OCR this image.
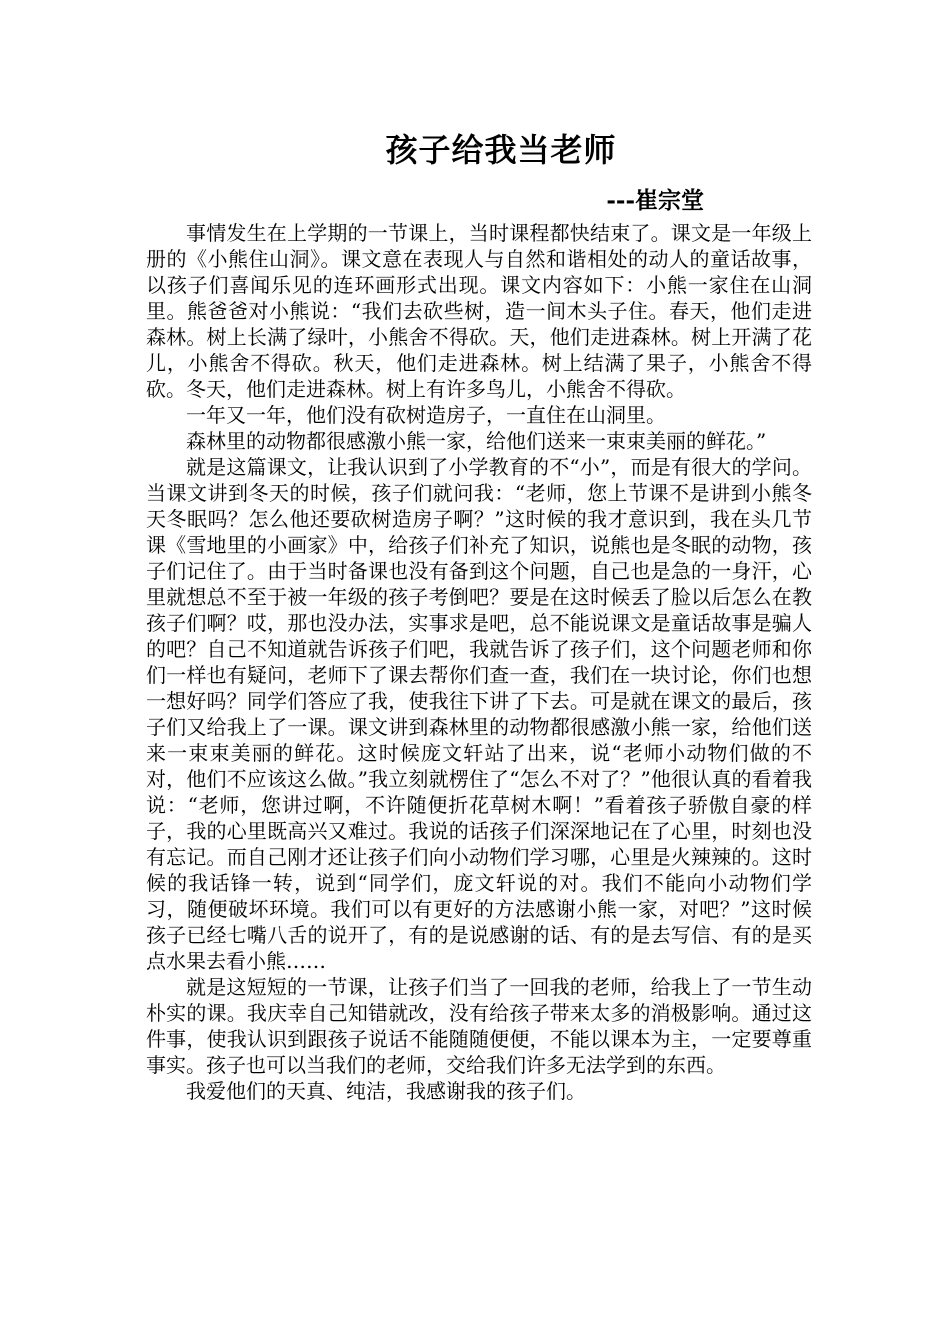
孩子给我当老师
---崔宗堂

事情发生在上学期的一节课上，当时课程都快结束了。课文是一年级上册的《小熊住山洞》。课文意在表现人与自然和谐相处的动人的童话故事，以孩子们喜闻乐见的连环画形式出现。课文内容如下：小熊一家住在山洞里。熊爸爸对小熊说：“我们去砍些树，造一间木头子住。春天，他们走进森林。树上长满了绿叶，小熊舍不得砍。天，他们走进森林。树上开满了花儿，小熊舍不得砍。秋天，他们走进森林。树上结满了果子，小熊舍不得砍。冬天，他们走进森林。树上有许多鸟儿，小熊舍不得砍。

一年又一年，他们没有砍树造房子，一直住在山洞里。

森林里的动物都很感激小熊一家，给他们送来一束束美丽的鲜花。”

就是这篇课文，让我认识到了小学教育的不“小”，而是有很大的学问。当课文讲到冬天的时候，孩子们就问我：“老师，您上节课不是讲到小熊冬天冬眠吗？怎么他还要砍树造房子啊？”这时候的我才意识到，我在头几节课《雪地里的小画家》中，给孩子们补充了知识，说熊也是冬眠的动物，孩子们记住了。由于当时备课也没有备到这个问题，自己也是急的一身汗，心里就想总不至于被一年级的孩子考倒吧？要是在这时候丢了脸以后怎么在教孩子们啊？哎，那也没办法，实事求是吧，总不能说课文是童话故事是骗人的吧？自己不知道就告诉孩子们吧，我就告诉了孩子们，这个问题老师和你们一样也有疑问，老师下了课去帮你们查一查，我们在一块讨论，你们也想一想好吗？同学们答应了我，使我往下讲了下去。可是就在课文的最后，孩子们又给我上了一课。课文讲到森林里的动物都很感激小熊一家，给他们送来一束束美丽的鲜花。这时候庞文轩站了出来，说“老师小动物们做的不对，他们不应该这么做。”我立刻就楞住了“怎么不对了？”他很认真的看着我说：“老师，您讲过啊，不许随便折花草树木啊！”看着孩子骄傲自豪的样子，我的心里既高兴又难过。我说的话孩子们深深地记在了心里，时刻也没有忘记。而自己刚才还让孩子们向小动物们学习哪，心里是火辣辣的。这时候的我话锋一转，说到“同学们，庞文轩说的对。我们不能向小动物们学习，随便破坏环境。我们可以有更好的方法感谢小熊一家，对吧？”这时候孩子已经七嘴八舌的说开了，有的是说感谢的话、有的是去写信、有的是买点水果去看小熊……

就是这短短的一节课，让孩子们当了一回我的老师，给我上了一节生动朴实的课。我庆幸自己知错就改，没有给孩子带来太多的消极影响。通过这件事，使我认识到跟孩子说话不能随随便便，不能以课本为主，一定要尊重事实。孩子也可以当我们的老师，交给我们许多无法学到的东西。

我爱他们的天真、纯洁，我感谢我的孩子们。
